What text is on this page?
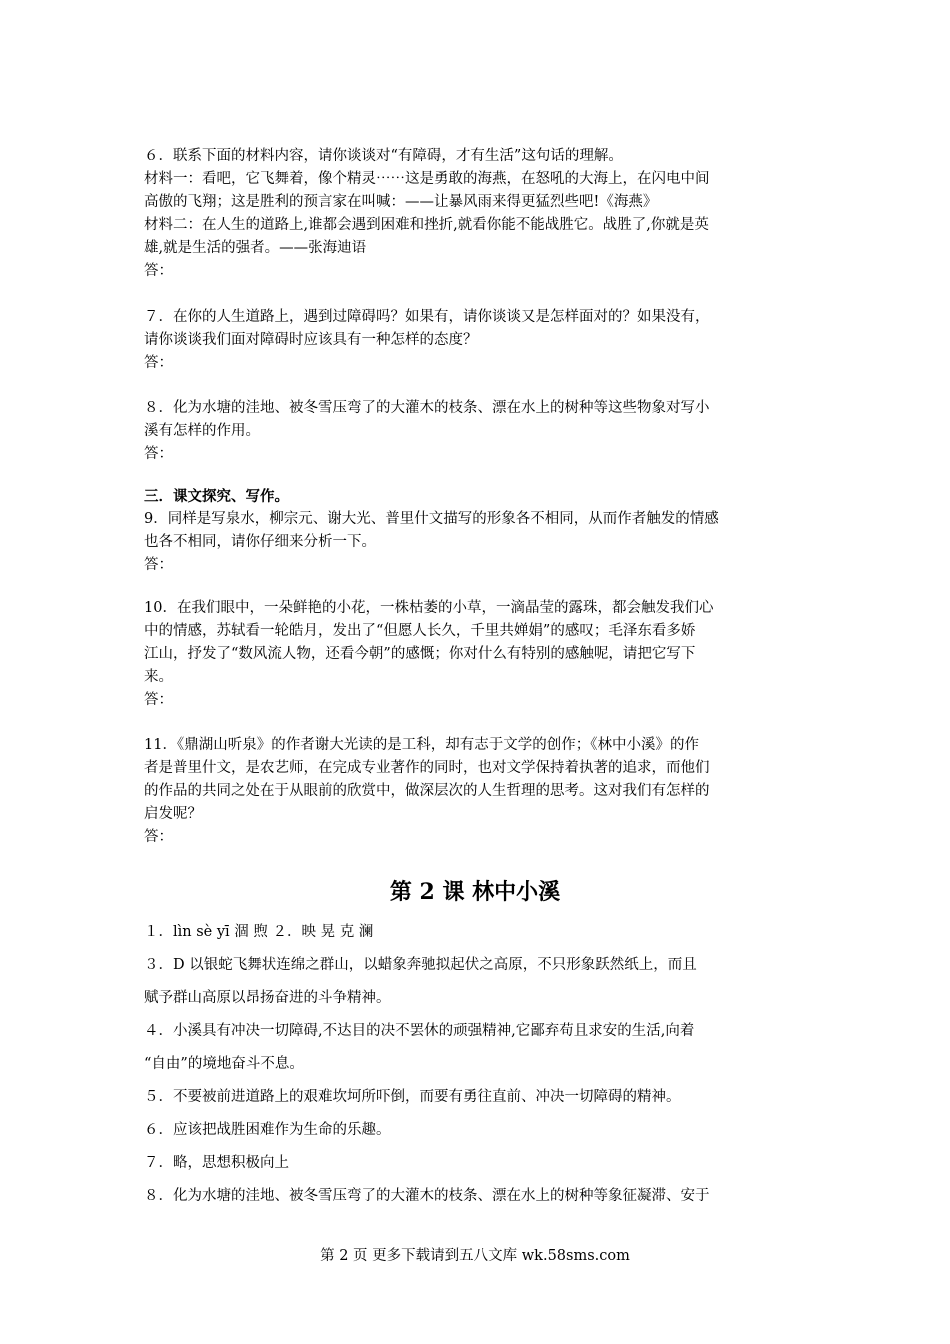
６．联系下面的材料内容，请你谈谈对“有障碍，才有生活”这句话的理解。

材料一：看吧，它飞舞着，像个精灵⋯⋯这是勇敢的海燕，在怒吼的大海上，在闪电中间

高傲的飞翔；这是胜利的预言家在叫喊：——让暴风雨来得更猛烈些吧!《海燕》

材料二：在人生的道路上,谁都会遇到困难和挫折,就看你能不能战胜它。战胜了,你就是英

雄,就是生活的强者。——张海迪语

答：

７．在你的人生道路上，遇到过障碍吗？如果有，请你谈谈又是怎样面对的？如果没有，

请你谈谈我们面对障碍时应该具有一种怎样的态度？

答：

８．化为水塘的洼地、被冬雪压弯了的大灌木的枝条、漂在水上的树种等这些物象对写小

溪有怎样的作用。

答：

三．课文探究、写作。

9．同样是写泉水，柳宗元、谢大光、普里什文描写的形象各不相同，从而作者触发的情感

也各不相同，请你仔细来分析一下。

答：

10．在我们眼中，一朵鲜艳的小花，一株枯萎的小草，一滴晶莹的露珠，都会触发我们心

中的情感，苏轼看一轮皓月，发出了“但愿人长久，千里共婵娟”的感叹；毛泽东看多娇

江山，抒发了“数风流人物，还看今朝”的感慨；你对什么有特别的感触呢，请把它写下

来。

答：

11．《鼎湖山听泉》的作者谢大光读的是工科，却有志于文学的创作；《林中小溪》的作

者是普里什文，是农艺师，在完成专业著作的同时，也对文学保持着执著的追求，而他们

的作品的共同之处在于从眼前的欣赏中，做深层次的人生哲理的思考。这对我们有怎样的

启发呢？

答：

第 2 课 林中小溪

１．lìn sè yī 涸 煦 ２．映 晃 克 澜

３．D 以银蛇飞舞状连绵之群山，以蜡象奔驰拟起伏之高原，不只形象跃然纸上，而且

赋予群山高原以昂扬奋进的斗争精神。

４．小溪具有冲决一切障碍,不达目的决不罢休的顽强精神,它鄙弃苟且求安的生活,向着

“自由”的境地奋斗不息。

５．不要被前进道路上的艰难坎坷所吓倒，而要有勇往直前、冲决一切障碍的精神。

６．应该把战胜困难作为生命的乐趣。

７．略，思想积极向上

８．化为水塘的洼地、被冬雪压弯了的大灌木的枝条、漂在水上的树种等象征凝滞、安于

第 2 页 更多下载请到五八文库 wk.58sms.com
